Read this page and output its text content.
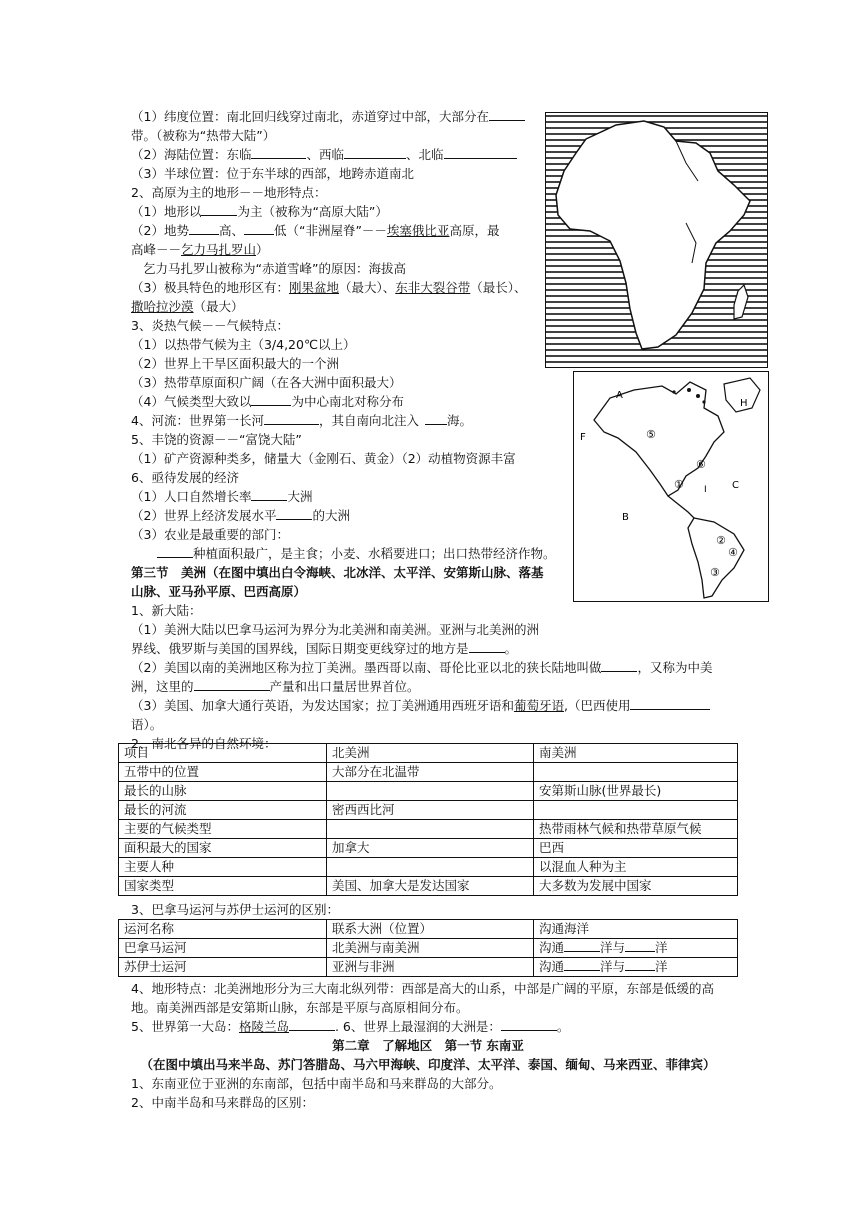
A
H
F
C
B
⑤
⑥
① I
②
④
③
（1）纬度位置：南北回归线穿过南北，赤道穿过中部，大部分在
带。（被称为“热带大陆”）
（2）海陆位置：东临	、西临	、北临
（3）半球位置：位于东半球的西部，地跨赤道南北
2、高原为主的地形－－地形特点：
（1）地形以	为主（被称为“高原大陆”）
（2）地势 高、 低（“非洲屋脊”－－埃塞俄比亚高原，最
高峰－－乞力马扎罗山）
乞力马扎罗山被称为“赤道雪峰”的原因：海拔高
（3）极具特色的地形区有：刚果盆地（最大）、东非大裂谷带（最长）、
撒哈拉沙漠（最大）
3、炎热气候－－气候特点：
（1）以热带气候为主（3/4,20℃以上）
（2）世界上干旱区面积最大的一个洲
（3）热带草原面积广阔（在各大洲中面积最大）
（4）气候类型大致以	为中心南北对称分布
4、河流：世界第一长河	，其自南向北注入 海。
5、丰饶的资源－－“富饶大陆”
（1）矿产资源种类多，储量大（金刚石、黄金）（2）动植物资源丰富
6、亟待发展的经济
（1）人口自然增长率	大洲
（2）世界上经济发展水平	的大洲
（3）农业是最重要的部门：
种植面积最广，是主食；小麦、水稻要进口；出口热带经济作物。
第三节　美洲（在图中填出白令海峡、北冰洋、太平洋、安第斯山脉、落基
山脉、亚马孙平原、巴西高原）
1、新大陆：
（1）美洲大陆以巴拿马运河为界分为北美洲和南美洲。亚洲与北美洲的洲
界线、俄罗斯与美国的国界线，国际日期变更线穿过的地方是	。
（2）美国以南的美洲地区称为拉丁美洲。墨西哥以南、哥伦比亚以北的狭长陆地叫做	，又称为中美
洲，这里的	产量和出口量居世界首位。
（3）美国、加拿大通行英语，为发达国家；拉丁美洲通用西班牙语和葡萄牙语,（巴西使用
语）。
2、南北各异的自然环境：
项目	北美洲	南美洲
五带中的位置	大部分在北温带	
最长的山脉		安第斯山脉(世界最长)
最长的河流	密西西比河	
主要的气候类型		热带雨林气候和热带草原气候
面积最大的国家	加拿大	巴西
主要人种		以混血人种为主
国家类型	美国、加拿大是发达国家	大多数为发展中国家
3、巴拿马运河与苏伊士运河的区别：
运河名称	联系大洲（位置）	沟通海洋
巴拿马运河	北美洲与南美洲	沟通 洋与 洋
苏伊士运河	亚洲与非洲	沟通 洋与 洋
4、地形特点：北美洲地形分为三大南北纵列带：西部是高大的山系，中部是广阔的平原，东部是低缓的高
地。南美洲西部是安第斯山脉，东部是平原与高原相间分布。
5、世界第一大岛：格陵兰岛	. 6、世界上最湿润的大洲是：	。
第二章　了解地区　第一节 东南亚
（在图中填出马来半岛、苏门答腊岛、马六甲海峡、印度洋、太平洋、泰国、缅甸、马来西亚、菲律宾）
1、东南亚位于亚洲的东南部，包括中南半岛和马来群岛的大部分。
2、中南半岛和马来群岛的区别：
